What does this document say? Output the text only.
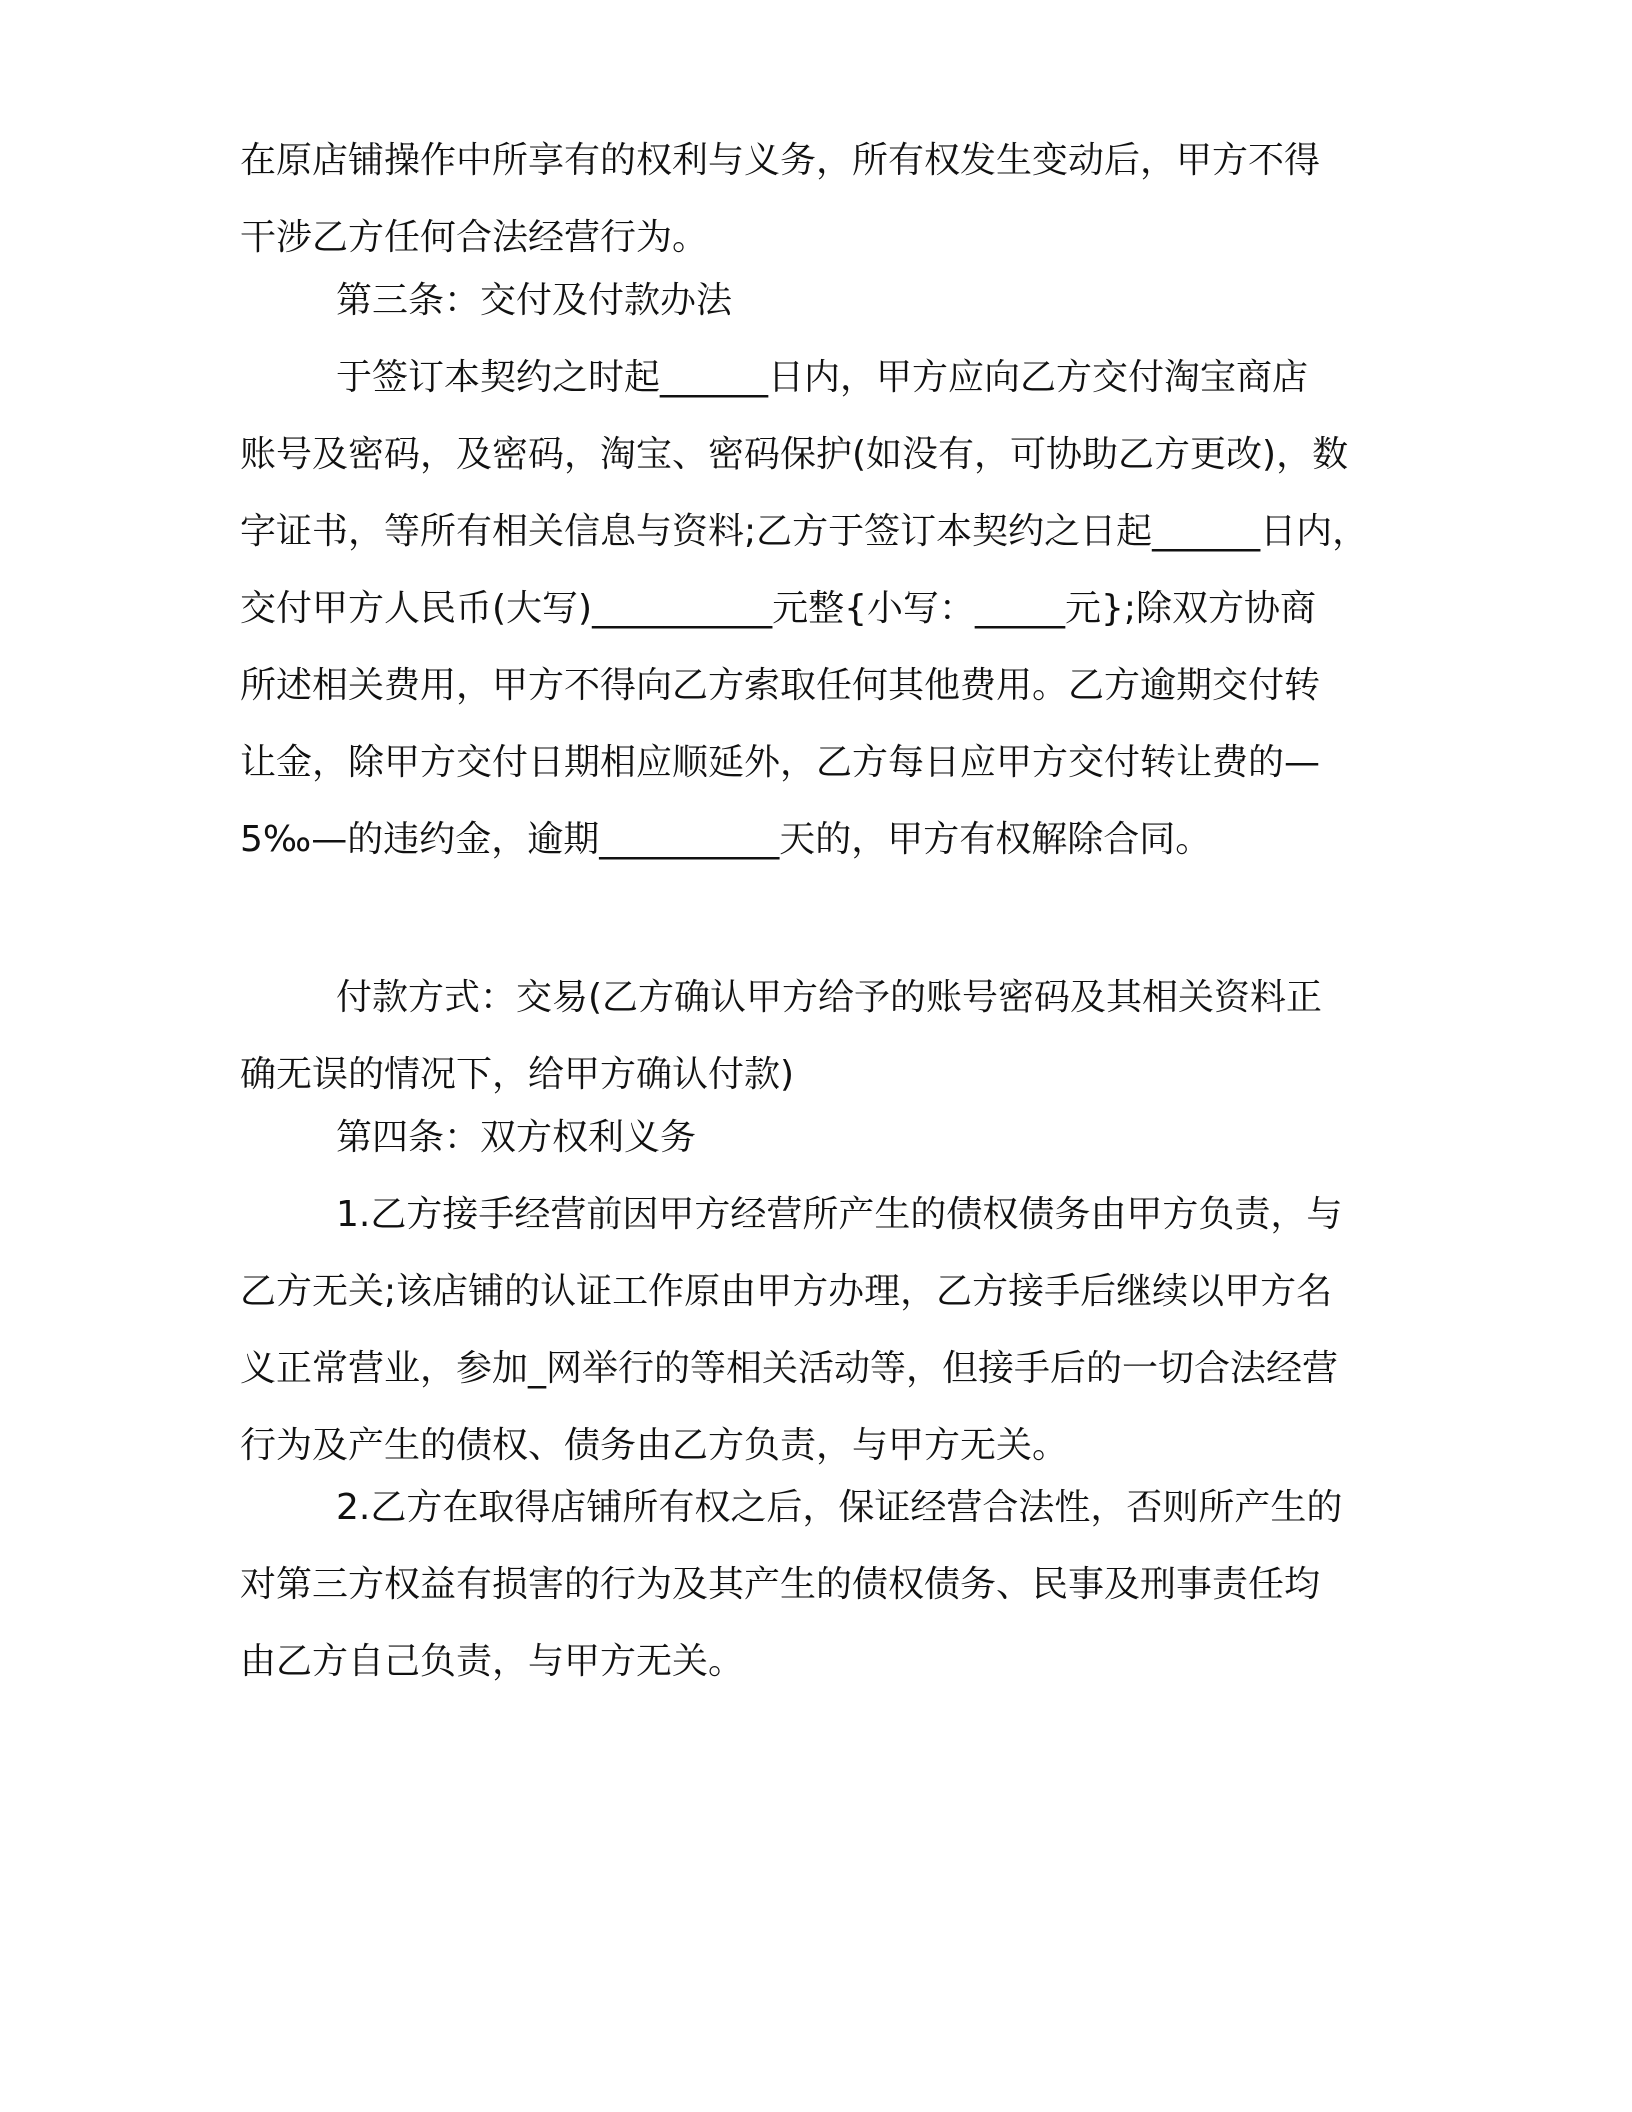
在原店铺操作中所享有的权利与义务，所有权发生变动后，甲方不得
干涉乙方任何合法经营行为。
第三条：交付及付款办法
于签订本契约之时起______日内，甲方应向乙方交付淘宝商店
账号及密码，及密码，淘宝、密码保护(如没有，可协助乙方更改)，数
字证书，等所有相关信息与资料;乙方于签订本契约之日起______日内，
交付甲方人民币(大写)__________元整{小写：_____元};除双方协商
所述相关费用，甲方不得向乙方索取任何其他费用。乙方逾期交付转
让金，除甲方交付日期相应顺延外，乙方每日应甲方交付转让费的—
5‰—的违约金，逾期__________天的，甲方有权解除合同。
付款方式：交易(乙方确认甲方给予的账号密码及其相关资料正
确无误的情况下，给甲方确认付款)
第四条：双方权利义务
1.乙方接手经营前因甲方经营所产生的债权债务由甲方负责，与
乙方无关;该店铺的认证工作原由甲方办理，乙方接手后继续以甲方名
义正常营业，参加_网举行的等相关活动等，但接手后的一切合法经营
行为及产生的债权、债务由乙方负责，与甲方无关。
2.乙方在取得店铺所有权之后，保证经营合法性，否则所产生的
对第三方权益有损害的行为及其产生的债权债务、民事及刑事责任均
由乙方自己负责，与甲方无关。
